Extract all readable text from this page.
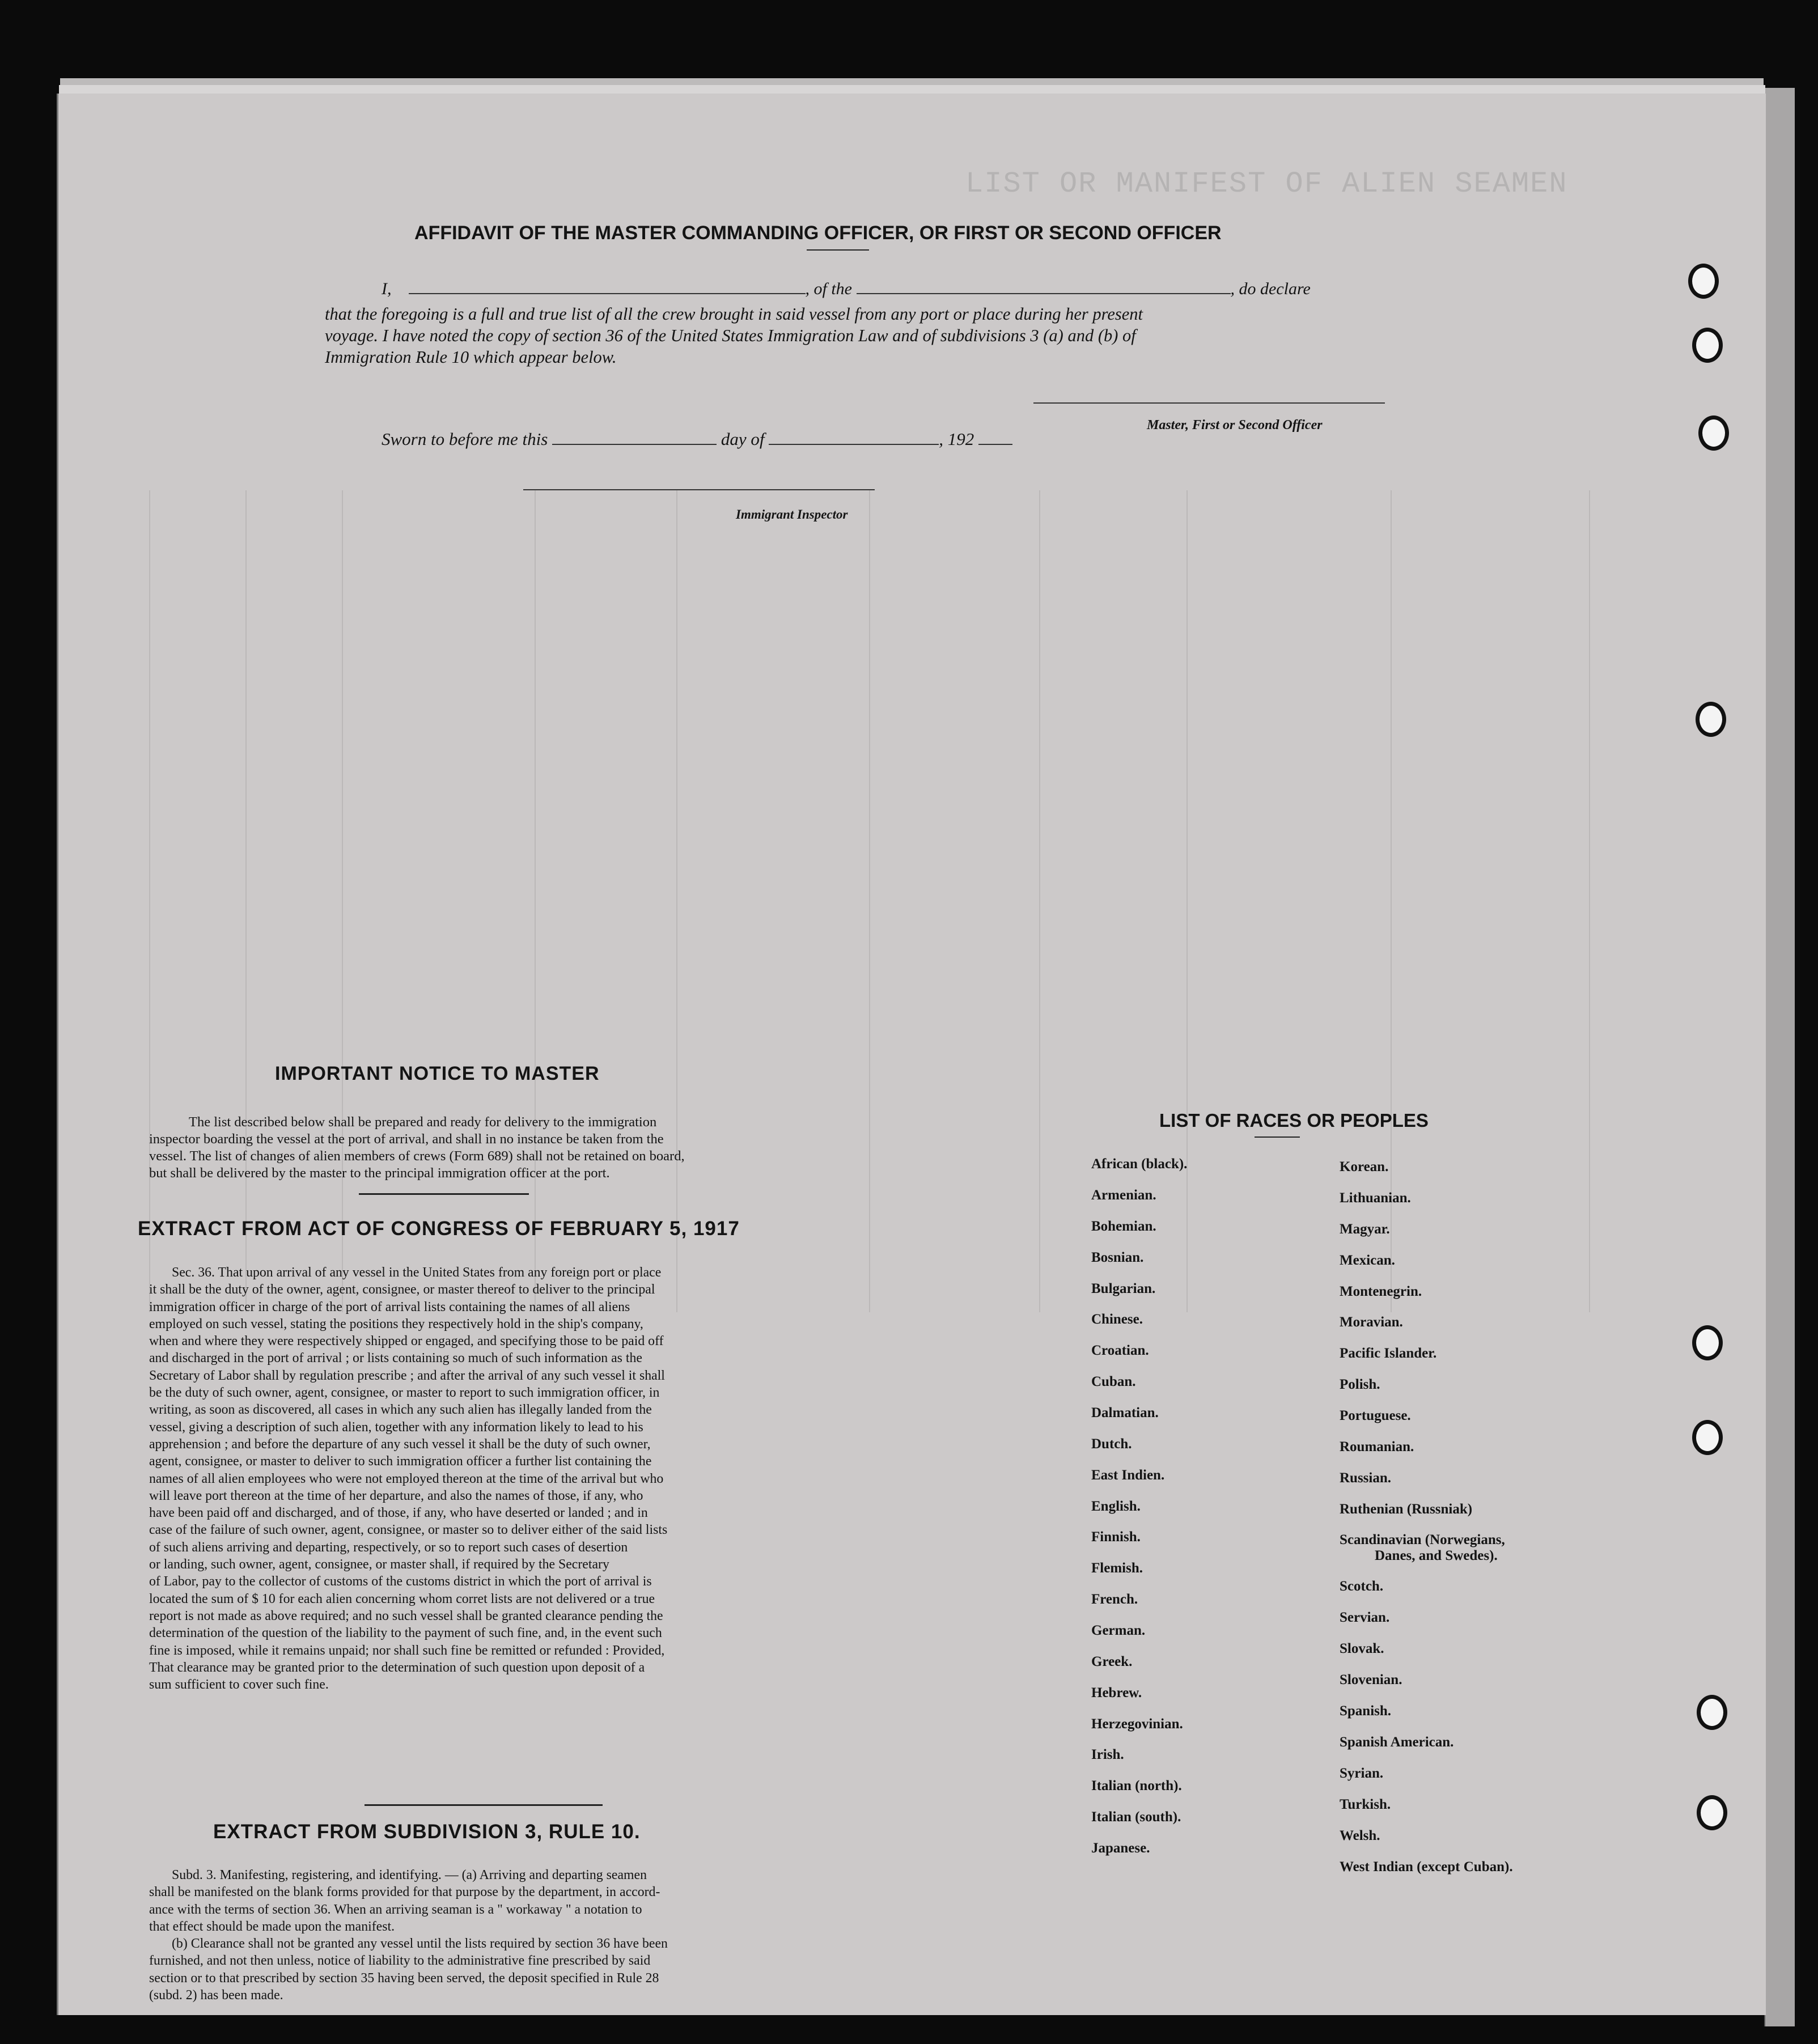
LIST OR MANIFEST OF ALIEN SEAMEN
AFFIDAVIT OF THE MASTER COMMANDING OFFICER, OR FIRST OR SECOND OFFICER
I,	, of the	, do declare
that the foregoing is a full and true list of all the crew brought in said vessel from any port or place during her present
voyage. I have noted the copy of section 36 of the United States Immigration Law and of subdivisions 3 (a) and (b) of
Immigration Rule 10 which appear below.
Master, First or Second Officer
Sworn to before me this	day of	, 192
Immigrant Inspector
IMPORTANT NOTICE TO MASTER

The list described below shall be prepared and ready for delivery to the immigration

inspector boarding the vessel at the port of arrival, and shall in no instance be taken from the

vessel. The list of changes of alien members of crews (Form 689) shall not be retained on board,

but shall be delivered by the master to the principal immigration officer at the port.

EXTRACT FROM ACT OF CONGRESS OF FEBRUARY 5, 1917

Sec. 36. That upon arrival of any vessel in the United States from any foreign port or place

it shall be the duty of the owner, agent, consignee, or master thereof to deliver to the principal

immigration officer in charge of the port of arrival lists containing the names of all aliens

employed on such vessel, stating the positions they respectively hold in the ship's company,

when and where they were respectively shipped or engaged, and specifying those to be paid off

and discharged in the port of arrival ; or lists containing so much of such information as the

Secretary of Labor shall by regulation prescribe ; and after the arrival of any such vessel it shall

be the duty of such owner, agent, consignee, or master to report to such immigration officer, in

writing, as soon as discovered, all cases in which any such alien has illegally landed from the

vessel, giving a description of such alien, together with any information likely to lead to his

apprehension ; and before the departure of any such vessel it shall be the duty of such owner,

agent, consignee, or master to deliver to such immigration officer a further list containing the

names of all alien employees who were not employed thereon at the time of the arrival but who

will leave port thereon at the time of her departure, and also the names of those, if any, who

have been paid off and discharged, and of those, if any, who have deserted or landed ; and in

case of the failure of such owner, agent, consignee, or master so to deliver either of the said lists

of such aliens arriving and departing, respectively, or so to report such cases of desertion

or landing, such owner, agent, consignee, or master shall, if required by the Secretary

of Labor, pay to the collector of customs of the customs district in which the port of arrival is

located the sum of $ 10 for each alien concerning whom corret lists are not delivered or a true

report is not made as above required; and no such vessel shall be granted clearance pending the

determination of the question of the liability to the payment of such fine, and, in the event such

fine is imposed, while it remains unpaid; nor shall such fine be remitted or refunded : Provided,

That clearance may be granted prior to the determination of such question upon deposit of a

sum sufficient to cover such fine.

EXTRACT FROM SUBDIVISION 3, RULE 10.

Subd. 3. Manifesting, registering, and identifying. — (a) Arriving and departing seamen

shall be manifested on the blank forms provided for that purpose by the department, in accord-

ance with the terms of section 36. When an arriving seaman is a " workaway " a notation to

that effect should be made upon the manifest.

(b) Clearance shall not be granted any vessel until the lists required by section 36 have been

furnished, and not then unless, notice of liability to the administrative fine prescribed by said

section or to that prescribed by section 35 having been served, the deposit specified in Rule 28

(subd. 2) has been made.

LIST OF RACES OR PEOPLES
African (black).
Armenian.
Bohemian.
Bosnian.
Bulgarian.
Chinese.
Croatian.
Cuban.
Dalmatian.
Dutch.
East Indien.
English.
Finnish.
Flemish.
French.
German.
Greek.
Hebrew.
Herzegovinian.
Irish.
Italian (north).
Italian (south).
Japanese.
Korean.
Lithuanian.
Magyar.
Mexican.
Montenegrin.
Moravian.
Pacific Islander.
Polish.
Portuguese.
Roumanian.
Russian.
Ruthenian (Russniak)
Scandinavian (Norwegians,
Danes, and Swedes).
Scotch.
Servian.
Slovak.
Slovenian.
Spanish.
Spanish American.
Syrian.
Turkish.
Welsh.
West Indian (except Cuban).
